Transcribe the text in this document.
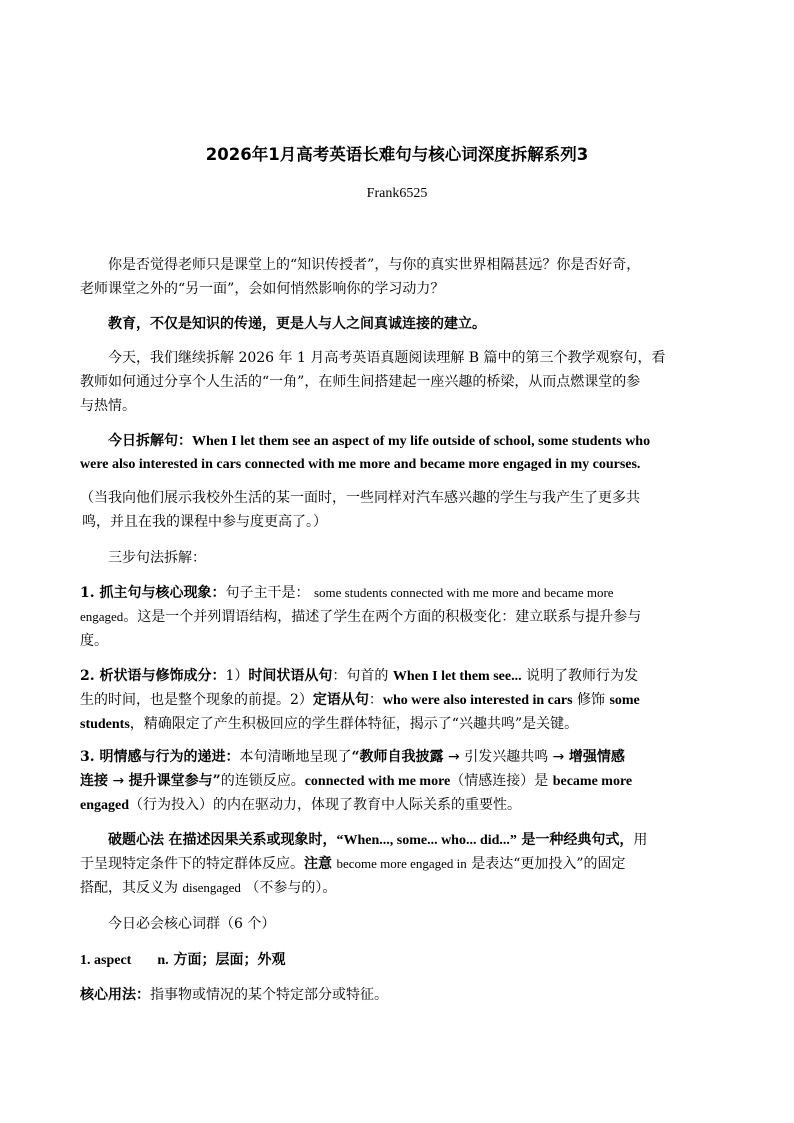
2026年1月高考英语长难句与核心词深度拆解系列3
Frank6525
你是否觉得老师只是课堂上的“知识传授者”，与你的真实世界相隔甚远？你是否好奇，
老师课堂之外的“另一面”，会如何悄然影响你的学习动力？
教育，不仅是知识的传递，更是人与人之间真诚连接的建立。
今天，我们继续拆解 2026 年 1 月高考英语真题阅读理解 B 篇中的第三个教学观察句，看
教师如何通过分享个人生活的“一角”，在师生间搭建起一座兴趣的桥梁，从而点燃课堂的参
与热情。
今日拆解句：When I let them see an aspect of my life outside of school, some students who
were also interested in cars connected with me more and became more engaged in my courses.
（当我向他们展示我校外生活的某一面时，一些同样对汽车感兴趣的学生与我产生了更多共
鸣，并且在我的课程中参与度更高了。）
三步句法拆解：
1. 抓主句与核心现象：句子主干是： some students connected with me more and became more
engaged。这是一个并列谓语结构，描述了学生在两个方面的积极变化：建立联系与提升参与
度。
2. 析状语与修饰成分：1）时间状语从句：句首的 When I let them see... 说明了教师行为发
生的时间，也是整个现象的前提。2）定语从句：who were also interested in cars 修饰 some
students，精确限定了产生积极回应的学生群体特征，揭示了“兴趣共鸣”是关键。
3. 明情感与行为的递进：本句清晰地呈现了“教师自我披露 → 引发兴趣共鸣 → 增强情感
连接 → 提升课堂参与”的连锁反应。connected with me more（情感连接）是 became more
engaged（行为投入）的内在驱动力，体现了教育中人际关系的重要性。
破题心法 在描述因果关系或现象时，“When..., some... who... did...” 是一种经典句式，用
于呈现特定条件下的特定群体反应。注意 become more engaged in 是表达“更加投入”的固定
搭配，其反义为 disengaged （不参与的）。
今日必会核心词群（6 个）
1. aspect n. 方面；层面；外观
核心用法：指事物或情况的某个特定部分或特征。
